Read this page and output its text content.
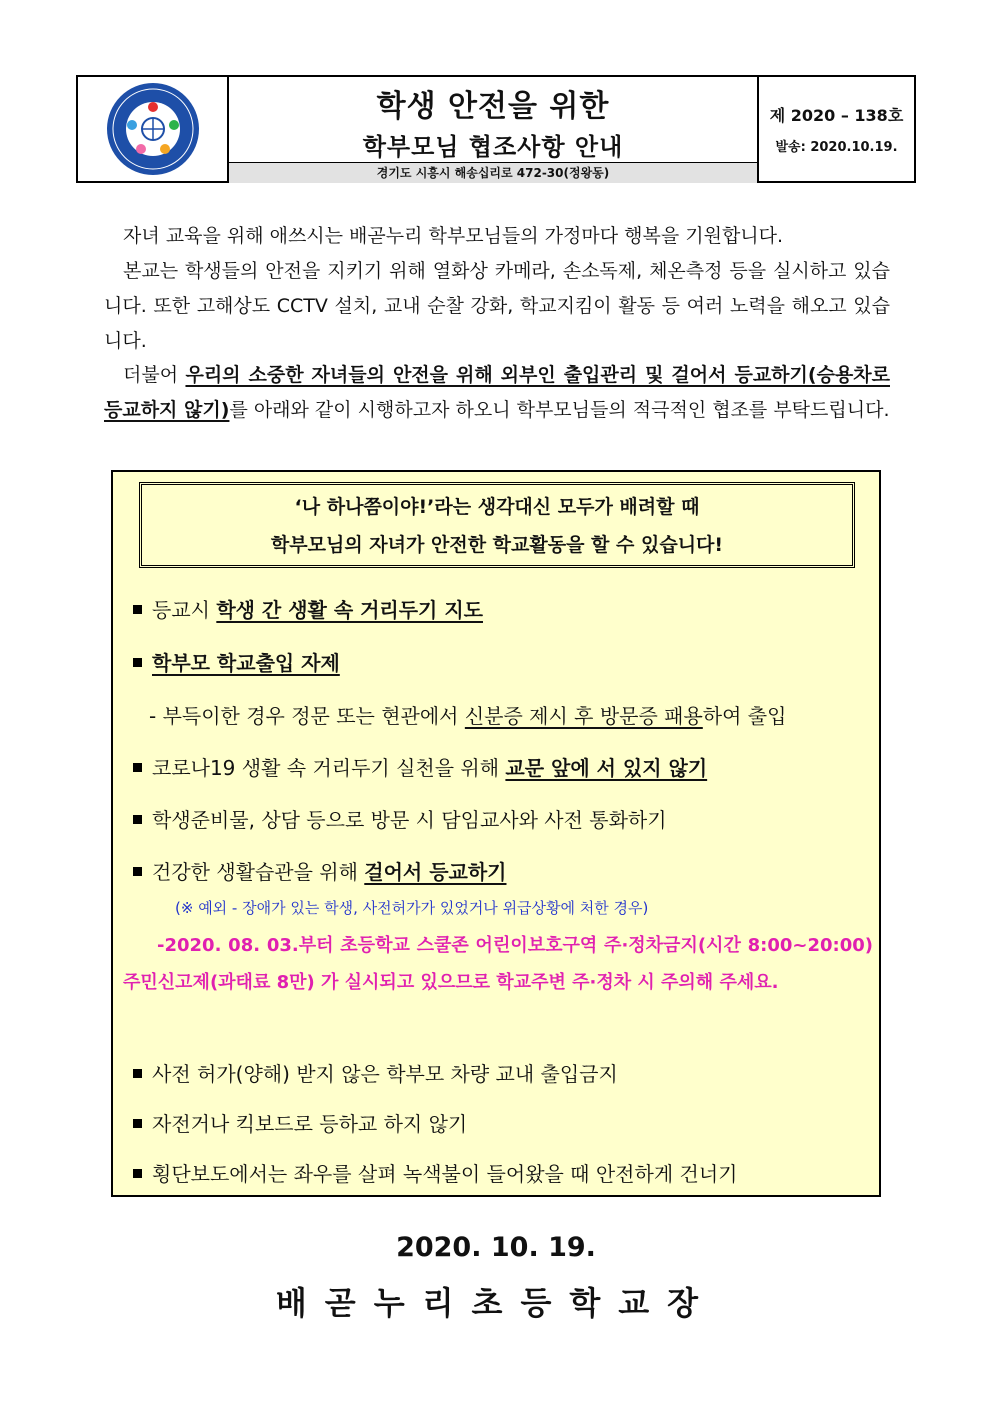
학생 안전을 위한
학부모님 협조사항 안내
경기도 시흥시 해송십리로 472-30(정왕동)
제 2020 – 138호
발송: 2020.10.19.
자녀 교육을 위해 애쓰시는 배곧누리 학부모님들의 가정마다 행복을 기원합니다.
본교는 학생들의 안전을 지키기 위해 열화상 카메라, 손소독제, 체온측정 등을 실시하고 있습니다. 또한 고해상도 CCTV 설치, 교내 순찰 강화, 학교지킴이 활동 등 여러 노력을 해오고 있습니다.
더불어 우리의 소중한 자녀들의 안전을 위해 외부인 출입관리 및 걸어서 등교하기(승용차로 등교하지 않기)를 아래와 같이 시행하고자 하오니 학부모님들의 적극적인 협조를 부탁드립니다.
‘나 하나쯤이야!’라는 생각대신 모두가 배려할 때
학부모님의 자녀가 안전한 학교활동을 할 수 있습니다!
등교시 학생 간 생활 속 거리두기 지도
학부모 학교출입 자제
- 부득이한 경우 정문 또는 현관에서 신분증 제시 후 방문증 패용하여 출입
코로나19 생활 속 거리두기 실천을 위해 교문 앞에 서 있지 않기
학생준비물, 상담 등으로 방문 시 담임교사와 사전 통화하기
건강한 생활습관을 위해 걸어서 등교하기
(※ 예외 - 장애가 있는 학생, 사전허가가 있었거나 위급상황에 처한 경우)
-2020. 08. 03.부터 초등학교 스쿨존 어린이보호구역 주·정차금지(시간 8:00~20:00) 주민신고제(과태료 8만) 가 실시되고 있으므로 학교주변 주·정차 시 주의해 주세요.
사전 허가(양해) 받지 않은 학부모 차량 교내 출입금지
자전거나 킥보드로 등하교 하지 않기
횡단보도에서는 좌우를 살펴 녹색불이 들어왔을 때 안전하게 건너기
2020. 10. 19.
배곧누리초등학교장
